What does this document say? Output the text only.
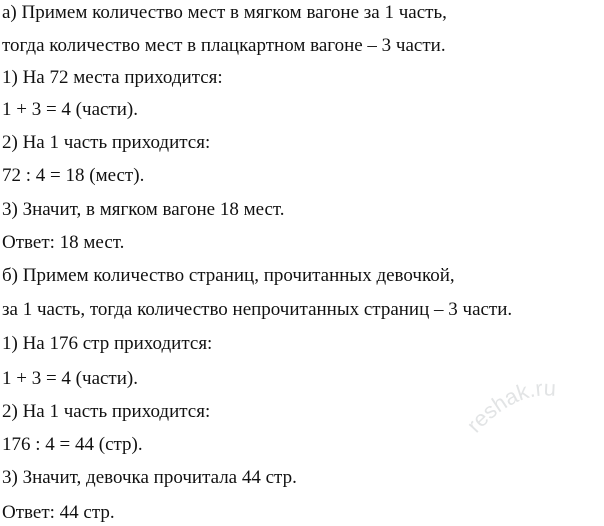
а) Примем количество мест в мягком вагоне за 1 часть,
тогда количество мест в плацкартном вагоне – 3 части.
1) На 72 места приходится:
1 + 3 = 4 (части).
2) На 1 часть приходится:
72 : 4 = 18 (мест).
3) Значит, в мягком вагоне 18 мест.
Ответ: 18 мест.
б) Примем количество страниц, прочитанных девочкой,
за 1 часть, тогда количество непрочитанных страниц – 3 части.
1) На 176 стр приходится:
1 + 3 = 4 (части).
2) На 1 часть приходится:
176 : 4 = 44 (стр).
3) Значит, девочка прочитала 44 стр.
Ответ: 44 стр.
eshak.ru
